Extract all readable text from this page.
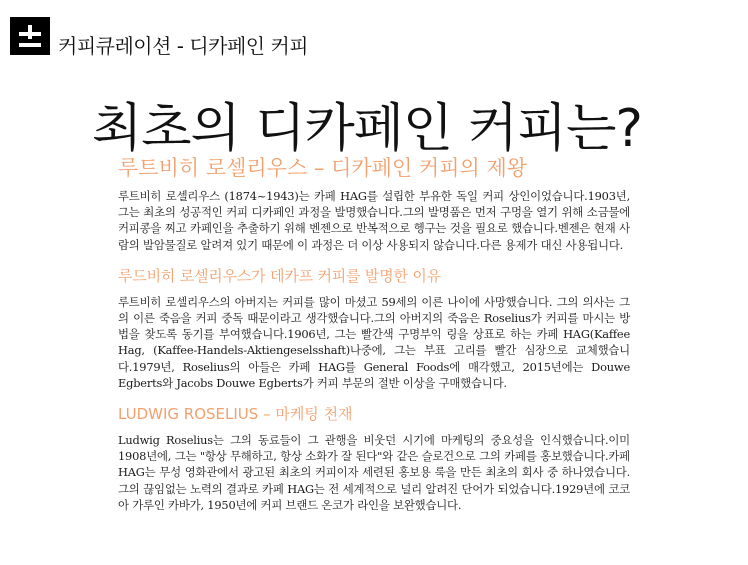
커피큐레이션 - 디카페인 커피
최초의 디카페인 커피는?
루트비히 로셀리우스 – 디카페인 커피의 제왕

루트비히 로셀리우스 (1874~1943)는 카페 HAG를 설립한 부유한 독일 커피 상인이었습니다.1903년, 그는 최초의 성공적인 커피 디카페인 과정을 발명했습니다.그의 발명품은 먼저 구멍을 열기 위해 소금물에 커피콩을 찌고 카페인을 추출하기 위해 벤젠으로 반복적으로 헹구는 것을 필요로 했습니다.벤젠은 현재 사람의 발암물질로 알려져 있기 때문에 이 과정은 더 이상 사용되지 않습니다.다른 용제가 대신 사용됩니다.

루드비히 로셀리우스가 데카프 커피를 발명한 이유

루트비히 로셀리우스의 아버지는 커피를 많이 마셨고 59세의 이른 나이에 사망했습니다. 그의 의사는 그의 이른 죽음을 커피 중독 때문이라고 생각했습니다.그의 아버지의 죽음은 Roselius가 커피를 마시는 방법을 찾도록 동기를 부여했습니다.1906년, 그는 빨간색 구명부익 링을 상표로 하는 카페 HAG(Kaffee Hag, (Kaffee-Handels-Aktiengeselsshaft)나중에, 그는 부표 고리를 빨간 심장으로 교체했습니다.1979년, Roselius의 아들은 카페 HAG를 General Foods에 매각했고, 2015년에는 Douwe Egberts와 Jacobs Douwe Egberts가 커피 부문의 절반 이상을 구매했습니다.

LUDWIG ROSELIUS – 마케팅 천재

Ludwig Roselius는 그의 동료들이 그 관행을 비웃던 시기에 마케팅의 중요성을 인식했습니다.이미 1908년에, 그는 "항상 무해하고, 항상 소화가 잘 된다"와 같은 슬로건으로 그의 카페를 홍보했습니다.카페 HAG는 무성 영화관에서 광고된 최초의 커피이자 세련된 홍보용 룩을 만든 최초의 회사 중 하나였습니다. 그의 끊임없는 노력의 결과로 카페 HAG는 전 세계적으로 널리 알려진 단어가 되었습니다.1929년에 코코아 가루인 카바가, 1950년에 커피 브랜드 온코가 라인을 보완했습니다.
